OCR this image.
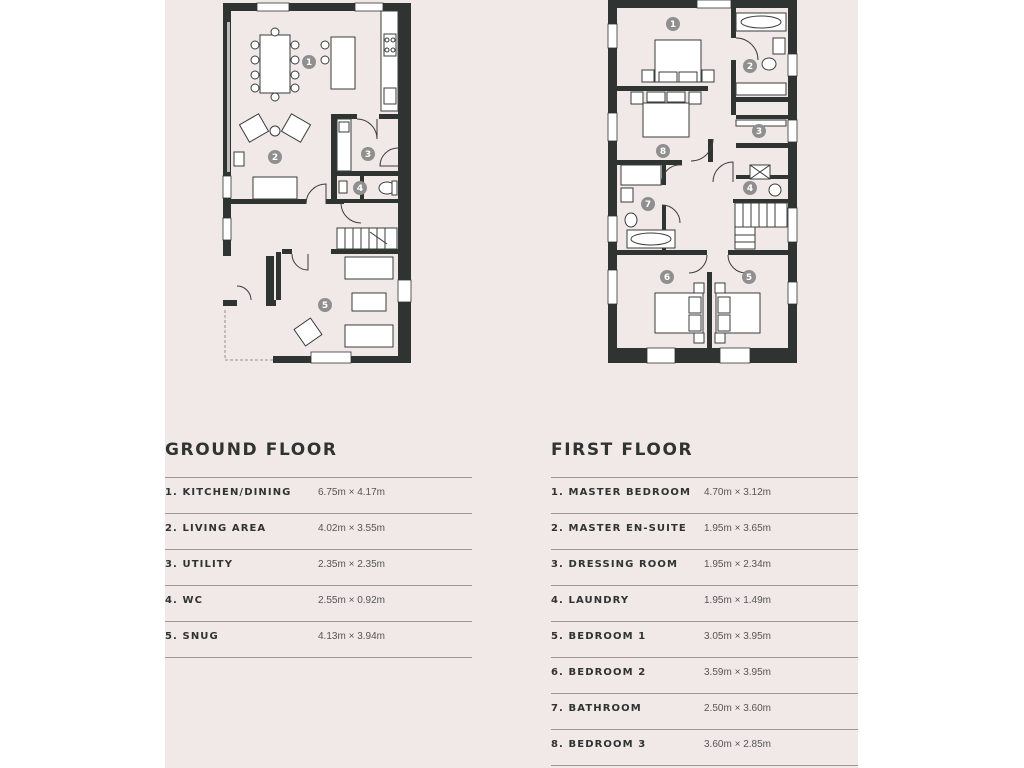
1
2	3
4
5
1
2
3
4
5
6
7
8
GROUND FLOOR
1. KITCHEN/DINING	6.75m × 4.17m
2. LIVING AREA	4.02m × 3.55m
3. UTILITY	2.35m × 2.35m
4. WC	2.55m × 0.92m
5. SNUG	4.13m × 3.94m
FIRST FLOOR
1. MASTER BEDROOM 4.70m × 3.12m
2. MASTER EN-SUITE 1.95m × 3.65m
3. DRESSING ROOM	1.95m × 2.34m
4. LAUNDRY	1.95m × 1.49m
5. BEDROOM 1	3.05m × 3.95m
6. BEDROOM 2	3.59m × 3.95m
7. BATHROOM	2.50m × 3.60m
8. BEDROOM 3	3.60m × 2.85m
